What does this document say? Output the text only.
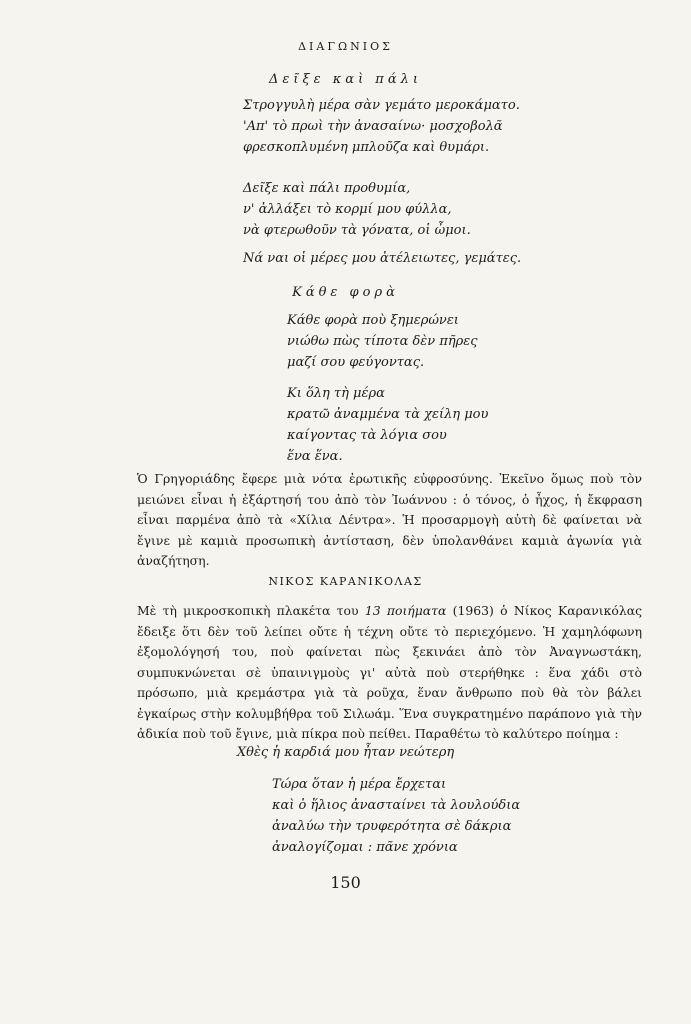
ΔΙΑΓΩΝΙΟΣ
Δεῖξε καὶ πάλι
Στρογγυλὴ μέρα σὰν γεμάτο μεροκάματο.
'Απ' τὸ πρωὶ τὴν ἀνασαίνω· μοσχοβολᾶ
φρεσκοπλυμένη μπλοῦζα καὶ θυμάρι.
Δεῖξε καὶ πάλι προθυμία,
ν' ἀλλάξει τὸ κορμί μου φύλλα,
νὰ φτερωθοῦν τὰ γόνατα, οἱ ὦμοι.
Νά ναι οἱ μέρες μου ἀτέλειωτες, γεμάτες.
Κάθε φορὰ
Κάθε φορὰ ποὺ ξημερώνει
νιώθω πὼς τίποτα δὲν πῆρες
μαζί σου φεύγοντας.
Κι ὅλη τὴ μέρα
κρατῶ ἀναμμένα τὰ χείλη μου
καίγοντας τὰ λόγια σου
ἕνα ἕνα.
Ὁ Γρηγοριάδης ἔφερε μιὰ νότα ἐρωτικῆς εὐφροσύνης. Ἐκεῖνο ὅμως ποὺ τὸν μειώνει εἶναι ἡ ἐξάρτησή του ἀπὸ τὸν Ἰωάννου : ὁ τόνος, ὁ ἦχος, ἡ ἔκφραση εἶναι παρμένα ἀπὸ τὰ «Χίλια Δέντρα». Ἡ προσαρμογὴ αὐτὴ δὲ φαίνεται νὰ ἔγινε μὲ καμιὰ προσωπικὴ ἀντίσταση, δὲν ὑπολανθάνει καμιὰ ἀγωνία γιὰ ἀναζήτηση.
ΝΙΚΟΣ ΚΑΡΑΝΙΚΟΛΑΣ
Μὲ τὴ μικροσκοπικὴ πλακέτα του 13 ποιήματα (1963) ὁ Νίκος Καρανικόλας ἔδειξε ὅτι δὲν τοῦ λείπει οὔτε ἡ τέχνη οὔτε τὸ περιεχόμενο. Ἡ χαμηλόφωνη ἐξομολόγησή του, ποὺ φαίνεται πὼς ξεκινάει ἀπὸ τὸν Ἀναγνωστάκη, συμπυκνώνεται σὲ ὑπαινιγμοὺς γι' αὐτὰ ποὺ στερήθηκε : ἕνα χάδι στὸ πρόσωπο, μιὰ κρεμάστρα γιὰ τὰ ροῦχα, ἕναν ἄνθρωπο ποὺ θὰ τὸν βάλει ἐγκαίρως στὴν κολυμβήθρα τοῦ Σιλωάμ. Ἕνα συγκρατημένο παράπονο γιὰ τὴν ἀδικία ποὺ τοῦ ἔγινε, μιὰ πίκρα ποὺ πείθει. Παραθέτω τὸ καλύτερο ποίημα :
Χθὲς ἡ καρδιά μου ἦταν νεώτερη
Τώρα ὅταν ἡ μέρα ἔρχεται
καὶ ὁ ἥλιος ἀνασταίνει τὰ λουλούδια
ἀναλύω τὴν τρυφερότητα σὲ δάκρια
ἀναλογίζομαι : πᾶνε χρόνια
150
